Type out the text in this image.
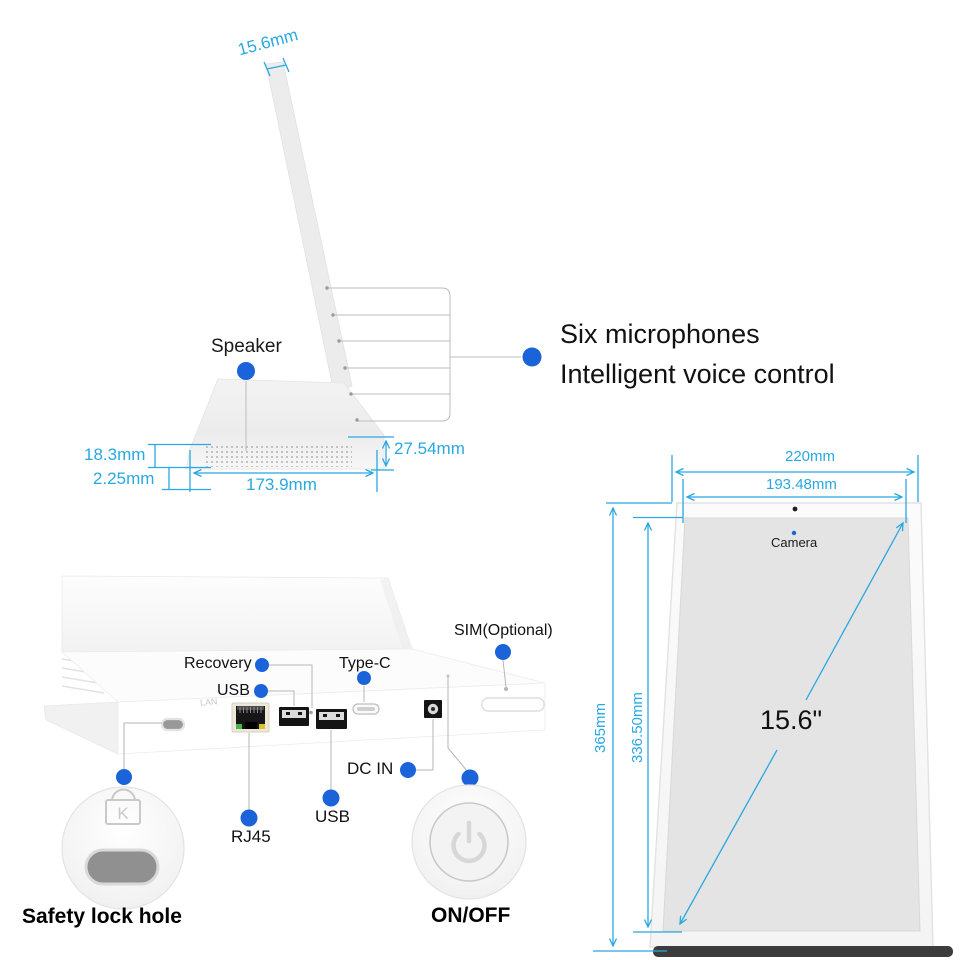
K
15.6mm
Speaker	Six microphones
Intelligent voice control
18.3mm
2.25mm	173.9mm
27.54mm
Recovery
USB
Type-C
SIM(Optional)
DC IN
USB
RJ45
LAN
Safety lock hole	ON/OFF
220mm
193.48mm
Camera
365mm 336.50mm	15.6"
